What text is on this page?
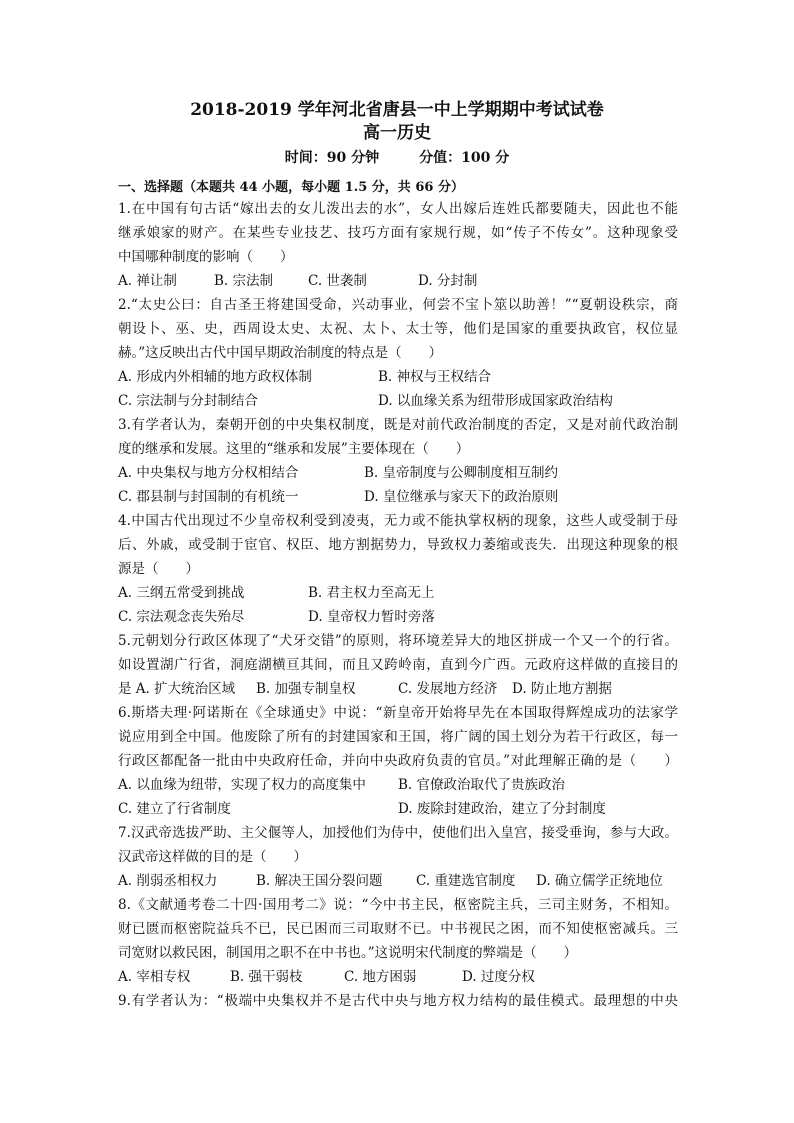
2018-2019 学年河北省唐县一中上学期期中考试试卷
高一历史
时间：90 分钟	分值：100 分
一、选择题（本题共 44 小题，每小题 1.5 分，共 66 分）
1.在中国有句古话“嫁出去的女儿泼出去的水”，女人出嫁后连姓氏都要随夫，因此也不能
继承娘家的财产。在某些专业技艺、技巧方面有家规行规，如“传子不传女”。这种现象受
中国哪种制度的影响（　　）
A. 禅让制	B. 宗法制	C. 世袭制	D. 分封制
2.“太史公曰：自古圣王将建国受命，兴动事业，何尝不宝卜筮以助善！”“夏朝设秩宗，商
朝设卜、巫、史，西周设太史、太祝、太卜、太士等，他们是国家的重要执政官，权位显
赫。”这反映出古代中国早期政治制度的特点是（　　）
A. 形成内外相辅的地方政权体制	B. 神权与王权结合
C. 宗法制与分封制结合	D. 以血缘关系为纽带形成国家政治结构
3.有学者认为，秦朝开创的中央集权制度，既是对前代政治制度的否定，又是对前代政治制
度的继承和发展。这里的“继承和发展”主要体现在（　　）
A. 中央集权与地方分权相结合	B. 皇帝制度与公卿制度相互制约
C. 郡县制与封国制的有机统一	D. 皇位继承与家天下的政治原则
4.中国古代出现过不少皇帝权利受到凌夷，无力或不能执掌权柄的现象，这些人或受制于母
后、外戚，或受制于宦官、权臣、地方割据势力，导致权力萎缩或丧失．出现这种现象的根
源是（　　）
A. 三纲五常受到挑战	B. 君主权力至高无上
C. 宗法观念丧失殆尽	D. 皇帝权力暂时旁落
5.元朝划分行政区体现了“犬牙交错”的原则，将环境差异大的地区拼成一个又一个的行省。
如设置湖广行省，洞庭湖横亘其间，而且又跨岭南，直到今广西。元政府这样做的直接目的
是 A. 扩大统治区域 B. 加强专制皇权	C. 发展地方经济 D. 防止地方割据
6.斯塔夫理·阿诺斯在《全球通史》中说：“新皇帝开始将早先在本国取得辉煌成功的法家学
说应用到全中国。他废除了所有的封建国家和王国，将广阔的国土划分为若干行政区，每一
行政区都配备一批由中央政府任命，并向中央政府负责的官员。”对此理解正确的是（　　）
A. 以血缘为纽带，实现了权力的高度集中 B. 官僚政治取代了贵族政治
C. 建立了行省制度	D. 废除封建政治，建立了分封制度
7.汉武帝选拔严助、主父偃等人，加授他们为侍中，使他们出入皇宫，接受垂询，参与大政。
汉武帝这样做的目的是（　　）
A. 削弱丞相权力	B. 解决王国分裂问题 C. 重建选官制度 D. 确立儒学正统地位
8.《文献通考卷二十四·国用考二》说：“今中书主民，枢密院主兵，三司主财务，不相知。
财已匮而枢密院益兵不已，民已困而三司取财不已。中书视民之困，而不知使枢密减兵。三
司宽财以救民困，制国用之职不在中书也。”这说明宋代制度的弊端是（　　）
A. 宰相专权	B. 强干弱枝	C. 地方困弱	D. 过度分权
9.有学者认为：“极端中央集权并不是古代中央与地方权力结构的最佳模式。最理想的中央
